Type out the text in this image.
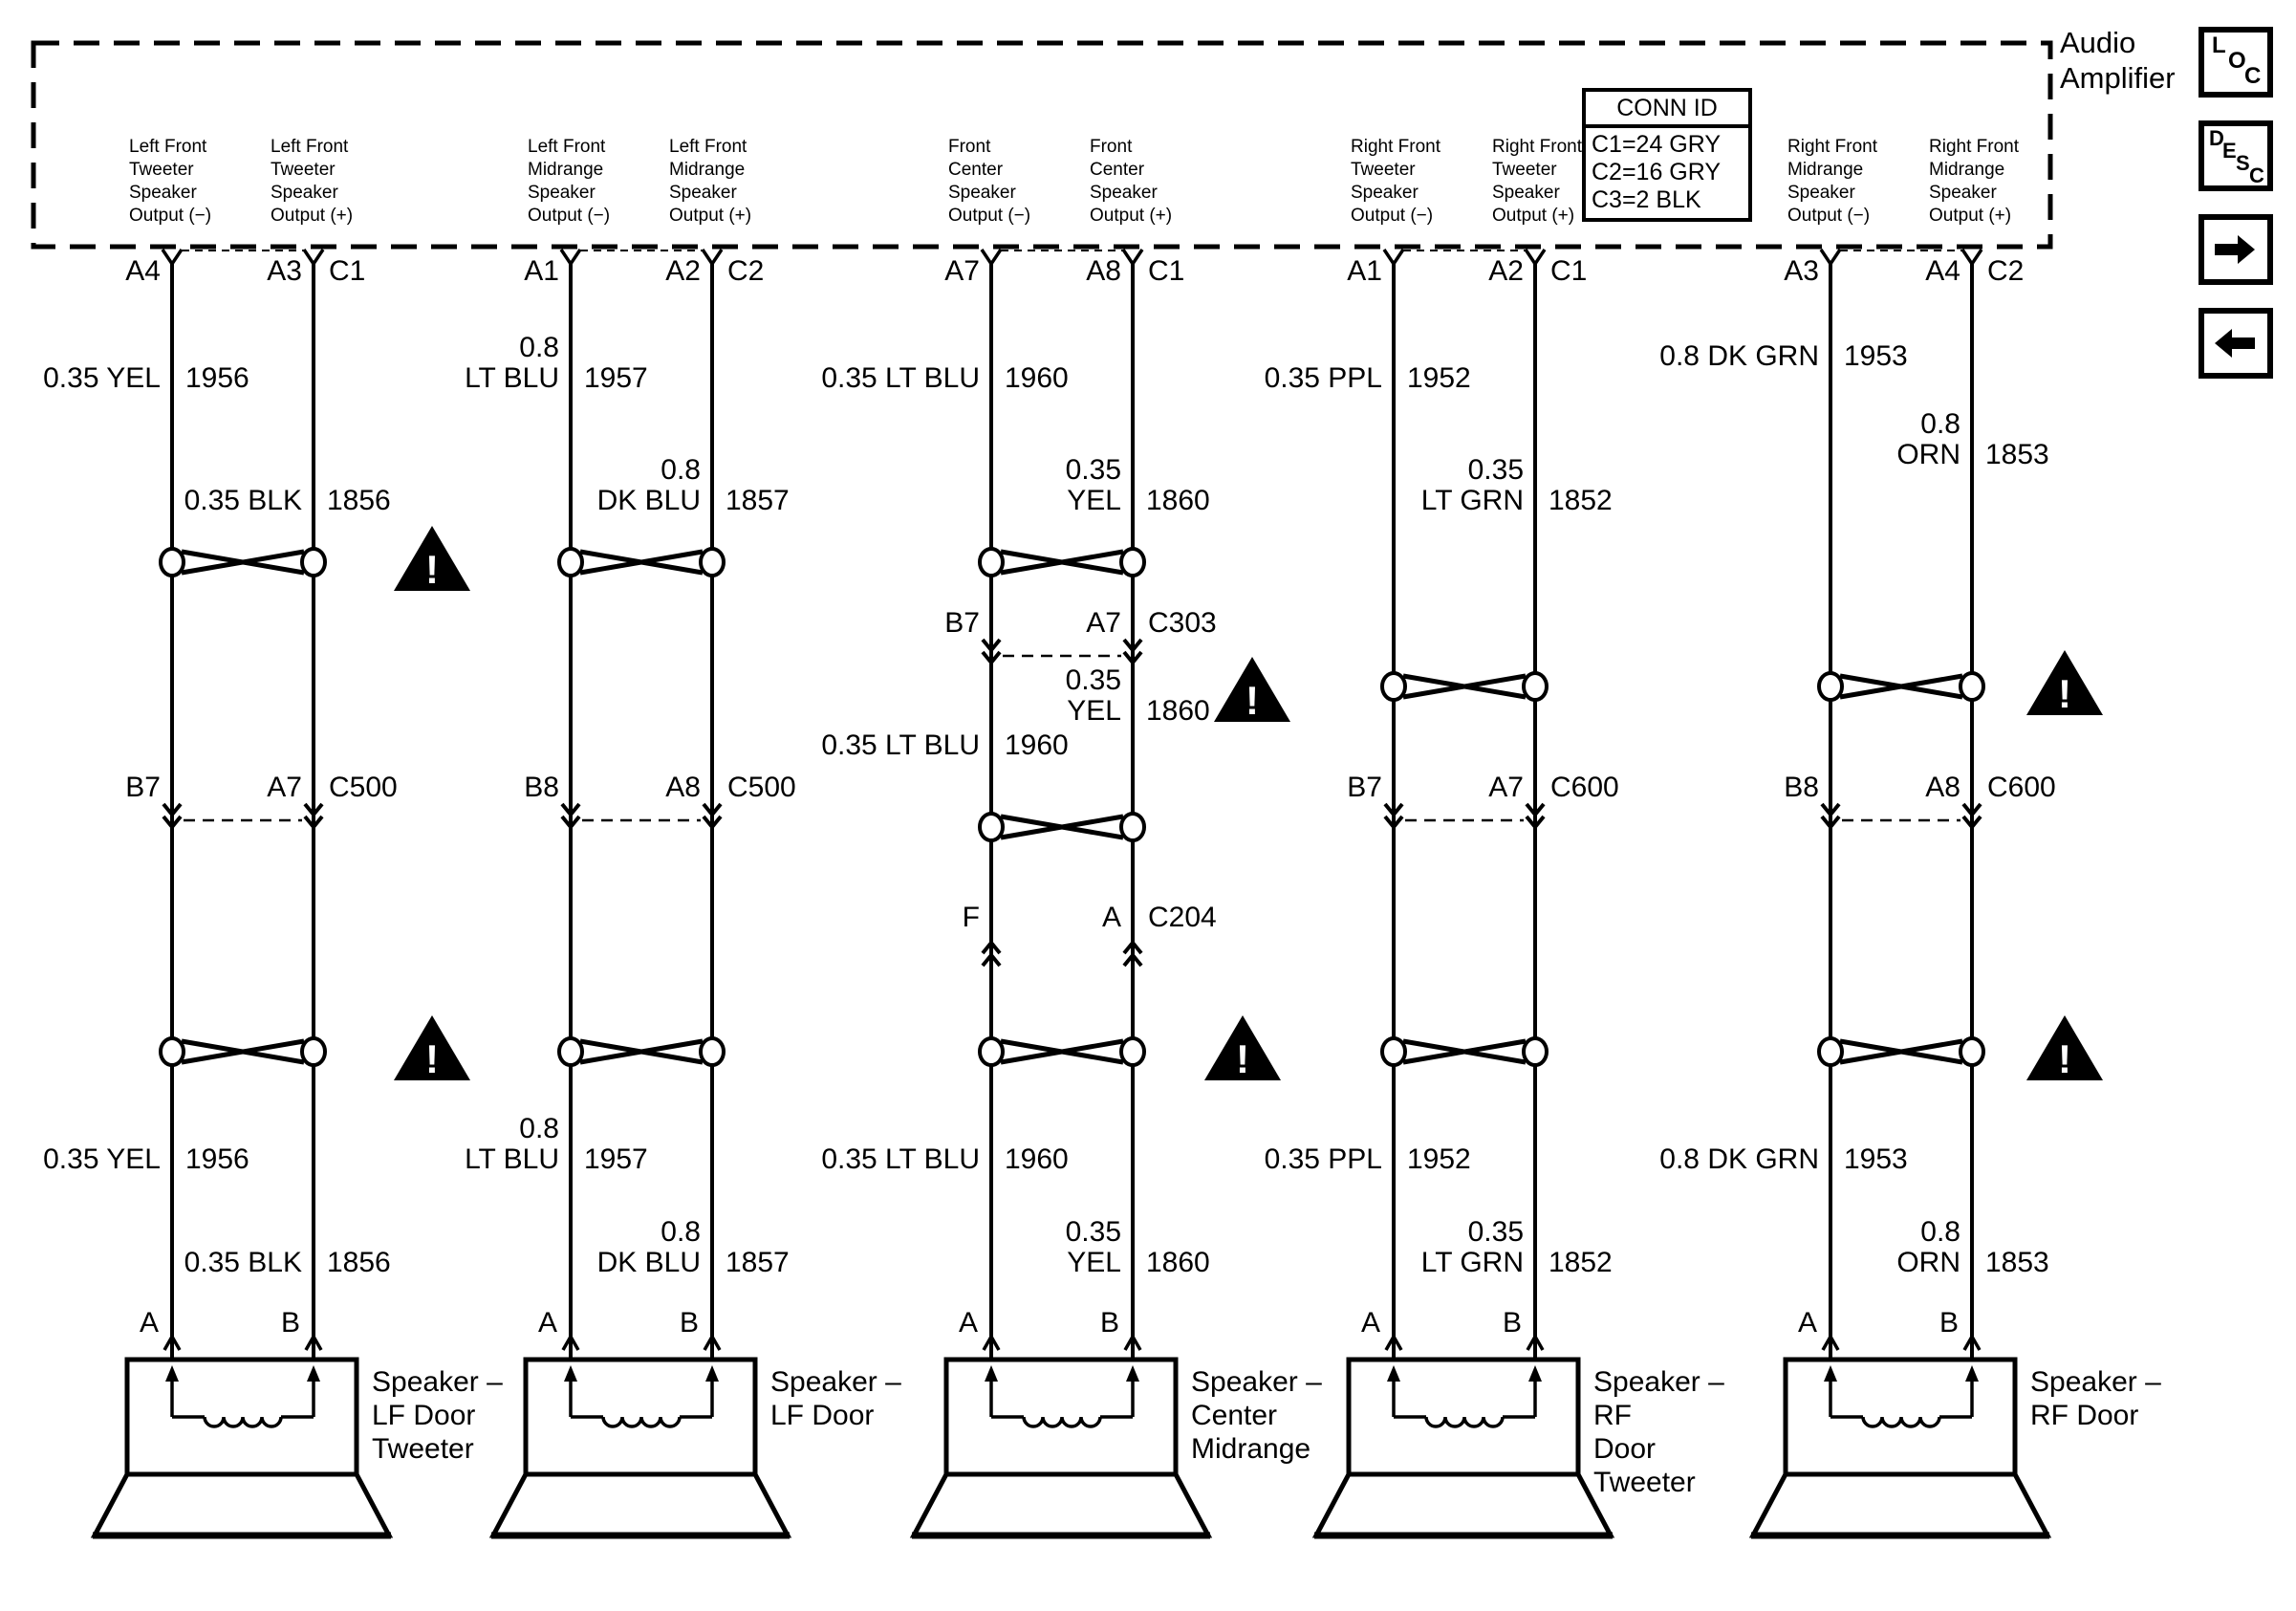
!
!	!
!	!	!
Left Front
Tweeter
Speaker
Output (−)
Left Front
Tweeter
Speaker
Output (+)
A4	A3 C1
0.35 YEL 1956
0.35 BLK 1856
0.35 YEL 1956
0.35 BLK 1856
B7	A7 C500
A	B
Speaker –
LF Door
Tweeter
Left Front
Midrange
Speaker
Output (−)
Left Front
Midrange
Speaker
Output (+)
A1	A2 C2
0.8
LT BLU 1957
0.8
DK BLU 1857
0.8
LT BLU 1957
0.8
DK BLU 1857
B8	A8 C500
A	B
Speaker –
LF Door
Front
Center
Speaker
Output (−)
Front
Center
Speaker
Output (+)
A7	A8 C1
0.35 LT BLU 1960
0.35
YEL 1860
0.35
YEL 1860
0.35 LT BLU 1960
0.35 LT BLU 1960
0.35
YEL 1860
B7	A7 C303
F	A C204
A	B
Speaker –
Center
Midrange
Right Front
Tweeter
Speaker
Output (−)
Right Front
Tweeter
Speaker
Output (+)
A1	A2 C1
0.35 PPL 1952
0.35
LT GRN 1852
0.35 PPL 1952
0.35
LT GRN 1852
B7	A7 C600
A	B
Speaker –
RF
Door
Tweeter
Right Front
Midrange
Speaker
Output (−)
Right Front
Midrange
Speaker
Output (+)
A3	A4 C2
0.8 DK GRN 1953
0.8
ORN 1853
0.8 DK GRN 1953
0.8
ORN 1853
B8	A8 C600
A	B
Speaker –
RF Door
Audio
Amplifier
CONN ID
C1=24 GRY
C2=16 GRY
C3=2 BLK
L
O
C
D
E
S
C
